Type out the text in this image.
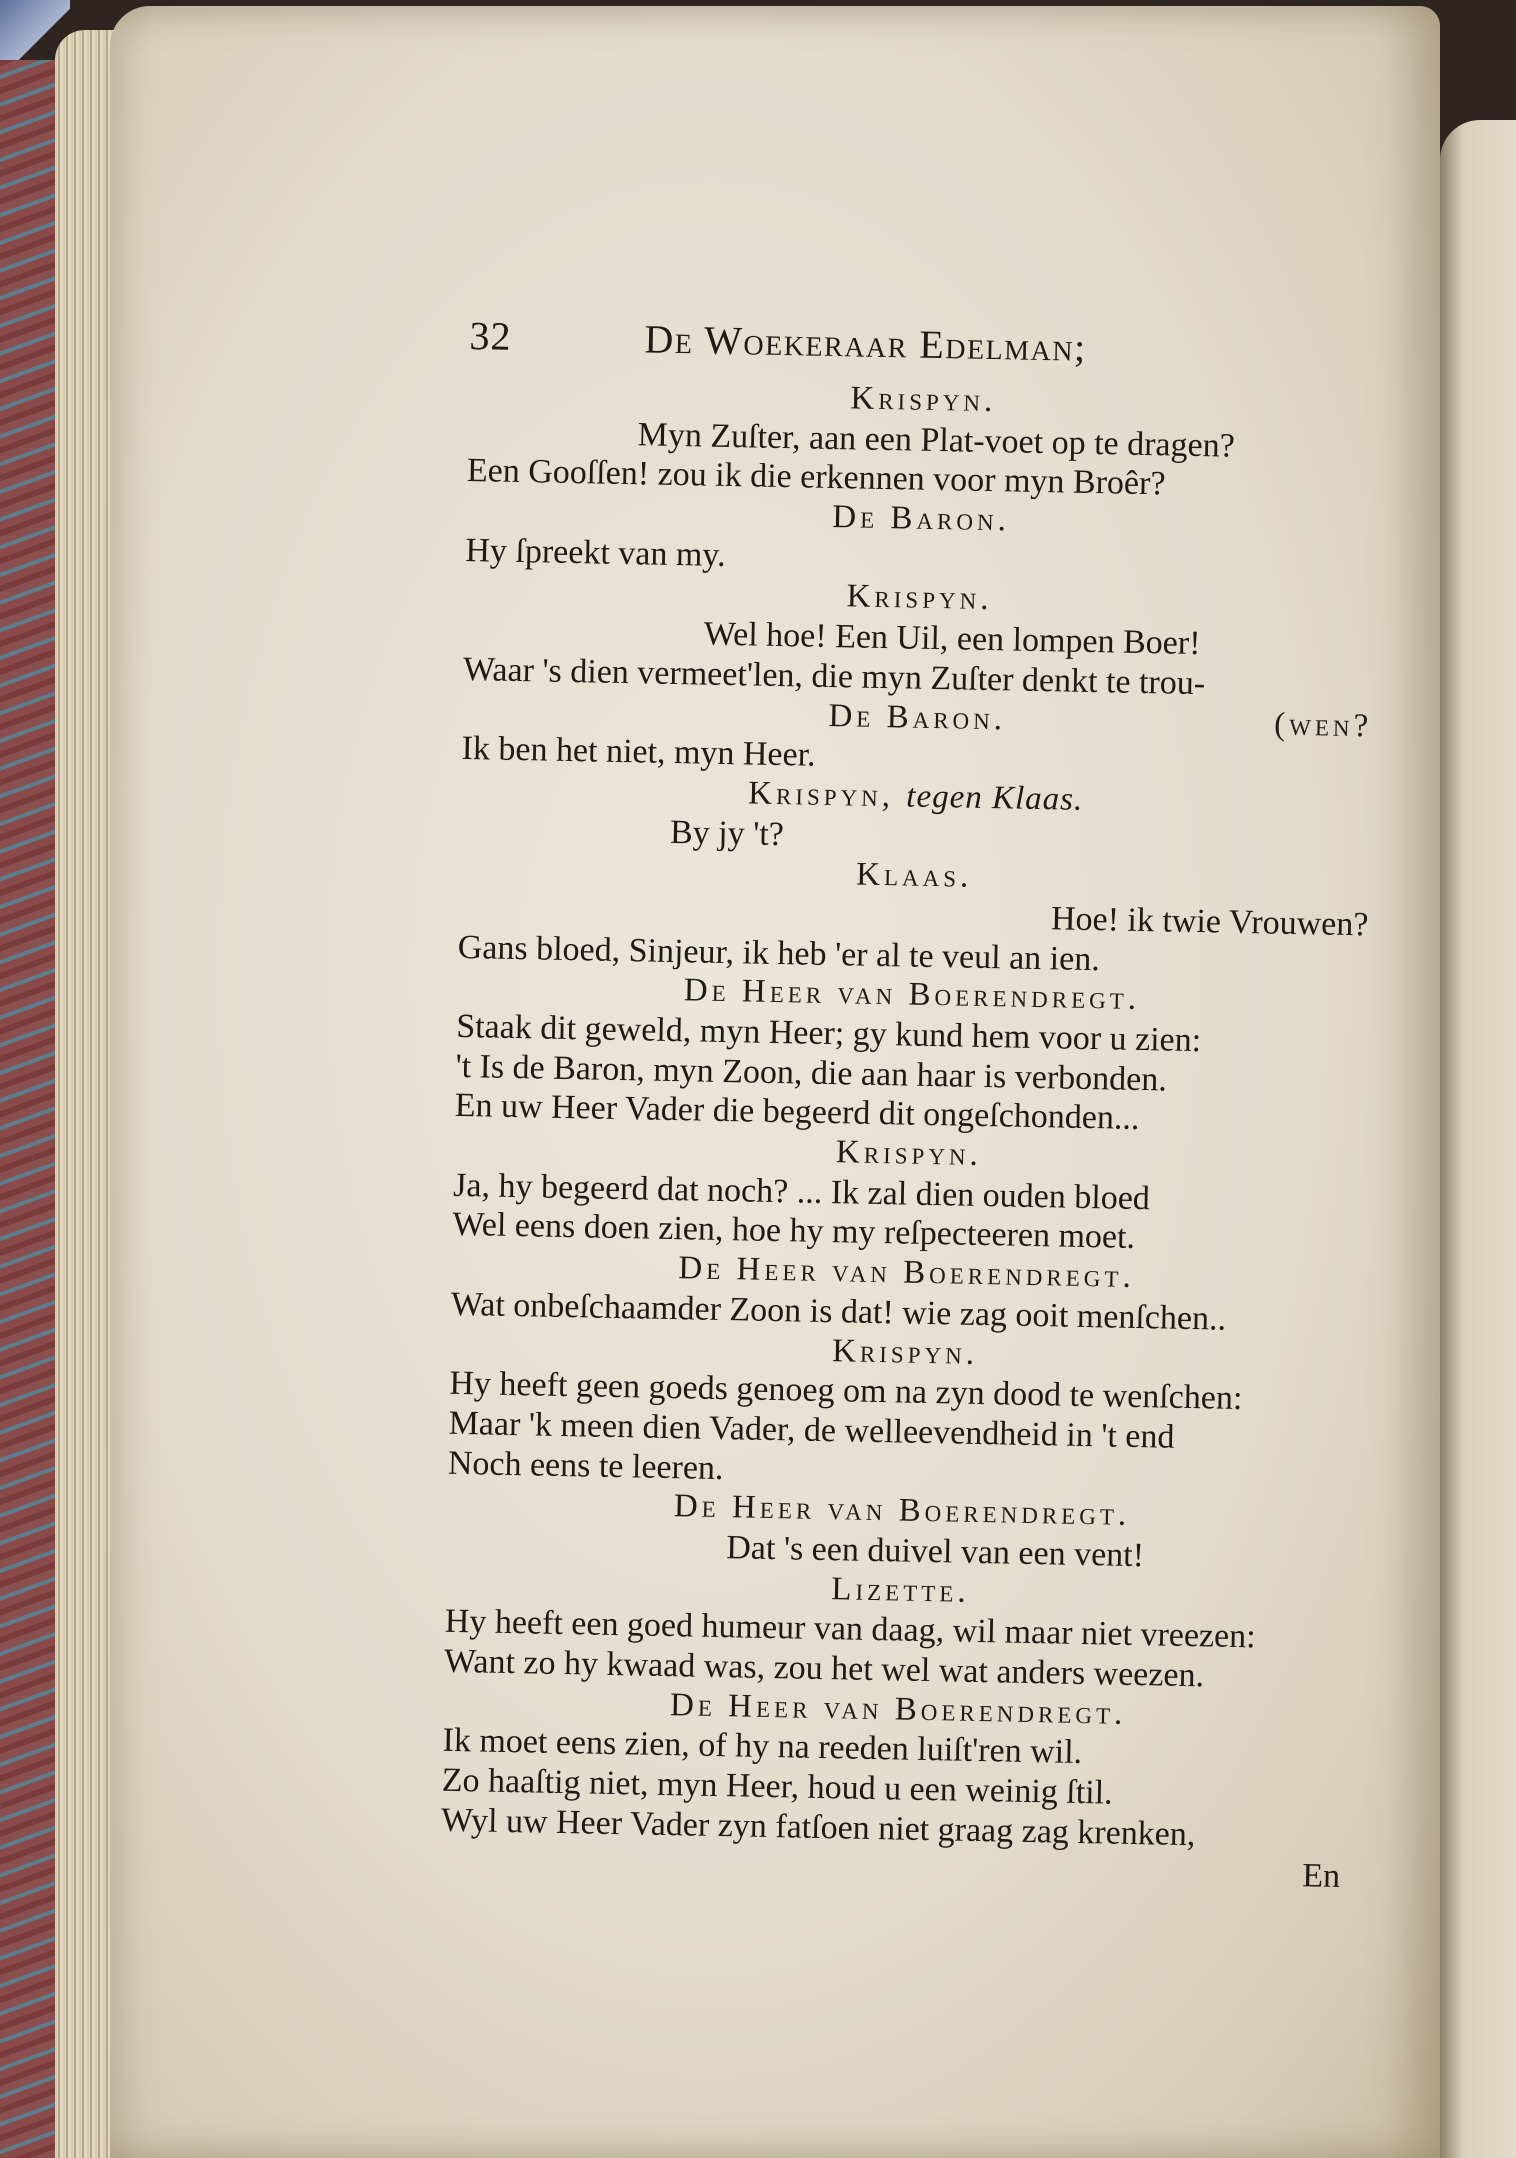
32	De Woekeraar Edelman;
Krispyn.
Myn Zuſter, aan een Plat-voet op te dragen?
Een Gooſſen! zou ik die erkennen voor myn Broêr?
De Baron.
Hy ſpreekt van my.
Krispyn.
Wel hoe! Een Uil, een lompen Boer!
Waar 's dien vermeet'len, die myn Zuſter denkt te trou-
De Baron.	(wen?
Ik ben het niet, myn Heer.
Krispyn, tegen Klaas.
By jy 't?
Klaas.
Hoe! ik twie Vrouwen?
Gans bloed, Sinjeur, ik heb 'er al te veul an ien.
De Heer van Boerendregt.
Staak dit geweld, myn Heer; gy kund hem voor u zien:
't Is de Baron, myn Zoon, die aan haar is verbonden.
En uw Heer Vader die begeerd dit ongeſchonden...
Krispyn.
Ja, hy begeerd dat noch? ... Ik zal dien ouden bloed
Wel eens doen zien, hoe hy my reſpecteeren moet.
De Heer van Boerendregt.
Wat onbeſchaamder Zoon is dat! wie zag ooit menſchen..
Krispyn.
Hy heeft geen goeds genoeg om na zyn dood te wenſchen:
Maar 'k meen dien Vader, de welleevendheid in 't end
Noch eens te leeren.
De Heer van Boerendregt.
Dat 's een duivel van een vent!
Lizette.
Hy heeft een goed humeur van daag, wil maar niet vreezen:
Want zo hy kwaad was, zou het wel wat anders weezen.
De Heer van Boerendregt.
Ik moet eens zien, of hy na reeden luiſt'ren wil.
Zo haaſtig niet, myn Heer, houd u een weinig ſtil.
Wyl uw Heer Vader zyn fatſoen niet graag zag krenken,
En
